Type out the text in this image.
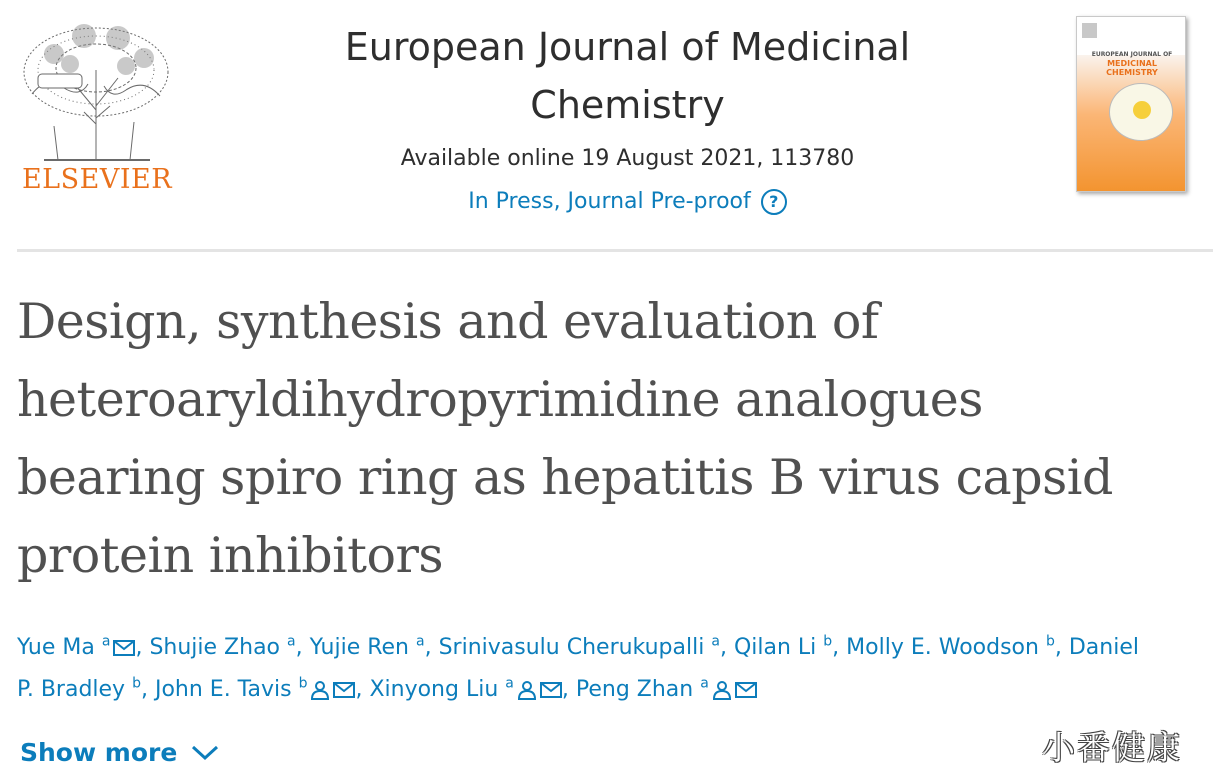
ELSEVIER
European Journal of Medicinal
Chemistry
Available online 19 August 2021, 113780
In Press, Journal Pre-proof	?
EUROPEAN JOURNAL OF
MEDICINAL
CHEMISTRY
Design, synthesis and evaluation of
heteroaryldihydropyrimidine analogues
bearing spiro ring as hepatitis B virus capsid
protein inhibitors
Yue Ma $^a$ , Shujie Zhao $^a$, Yujie Ren $^a$, Srinivasulu Cherukupalli $^a$, Qilan Li $^b$, Molly E. Woodson $^b$, Daniel
P. Bradley $^b$, John E. Tavis $^b$ , Xinyong Liu $^a$ , Peng Zhan $^a$
Show more	小番健康
